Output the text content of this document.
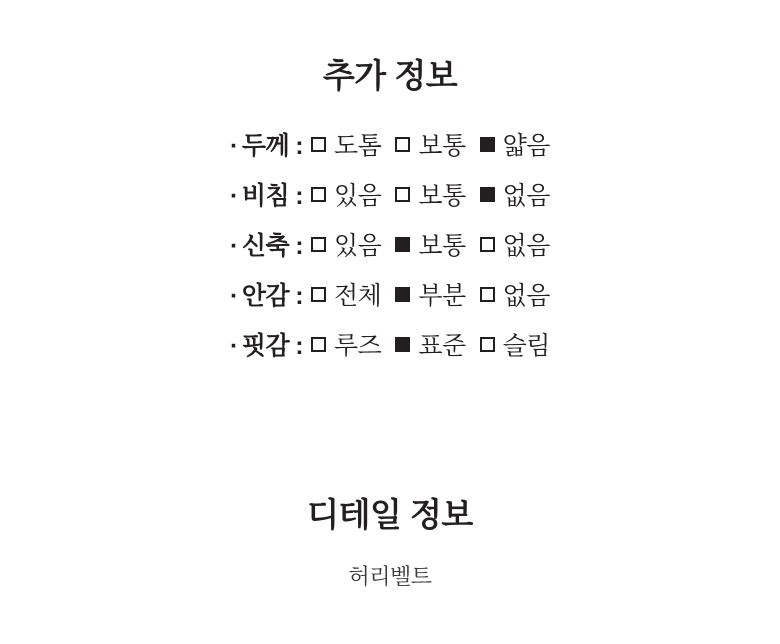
추가 정보
· 두께 :	도톰 보통 얇음
· 비침 :	있음 보통 없음
· 신축 :	있음 보통 없음
· 안감 :	전체 부분 없음
· 핏감 :	루즈 표준 슬림
디테일 정보
허리벨트
